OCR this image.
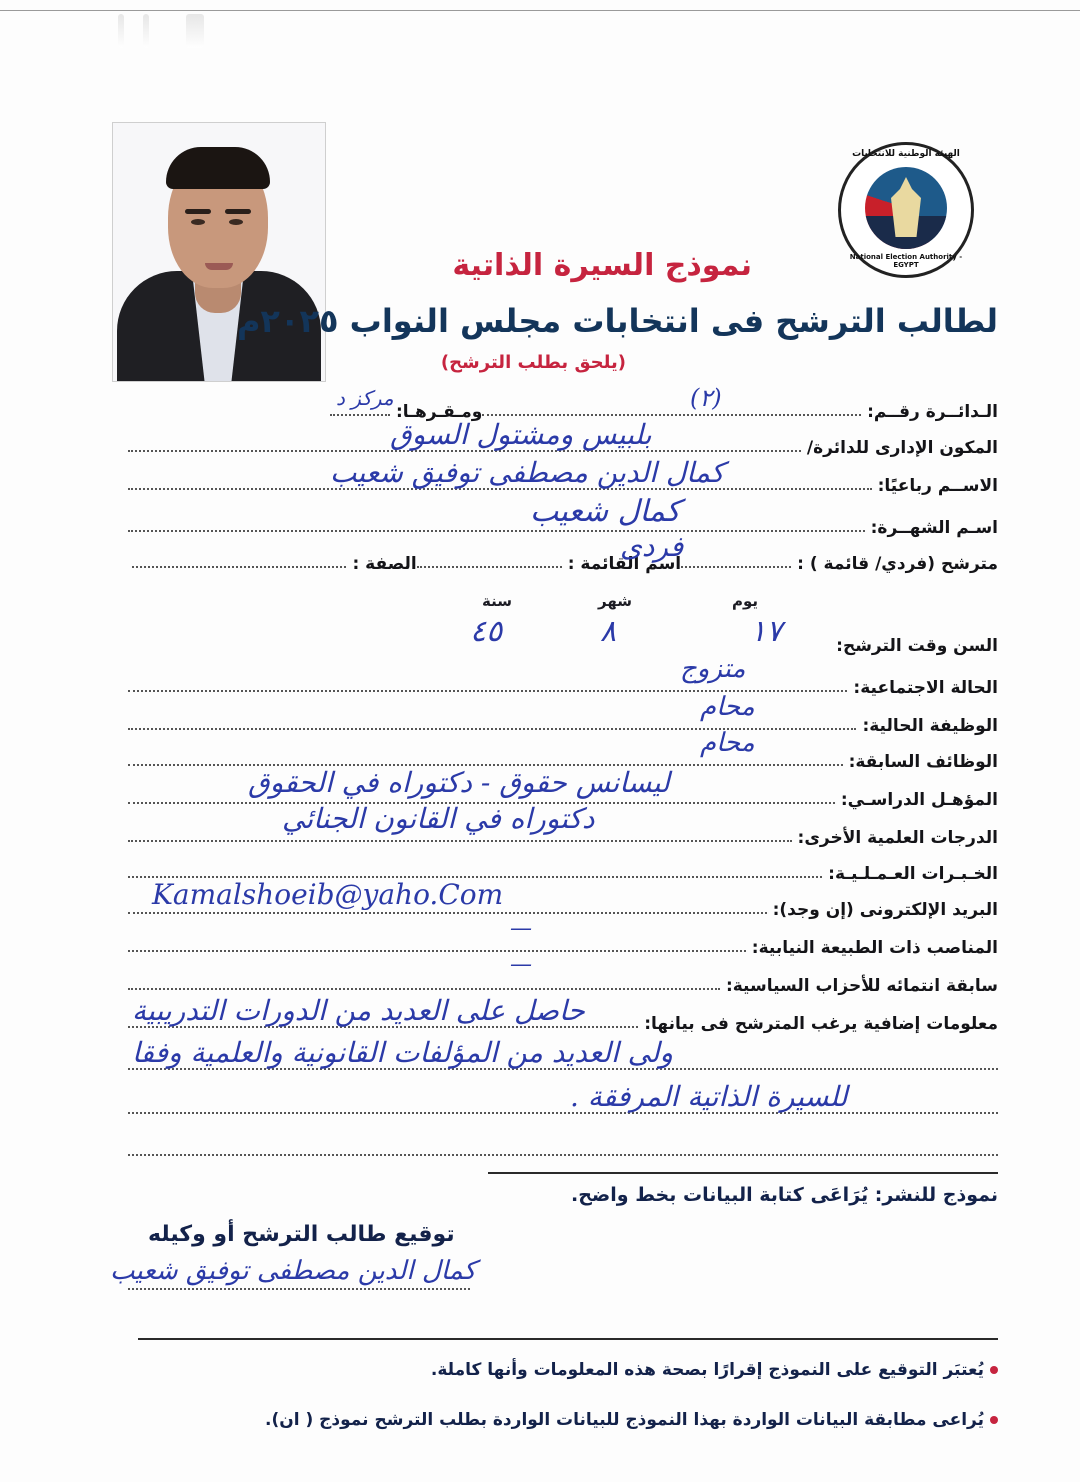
الهيئة الوطنية للانتخابات
National Election Authority - EGYPT
نموذج السيرة الذاتية
لطالب الترشح فى انتخابات مجلس النواب ٢٠٢٥م
(يلحق بطلب الترشح)
الـدائــرة رقــم:
ومـقـرهـا:	(٢)
مركز د
المكون الإدارى للدائرة/
بلبيس ومشتول السوق
الاســم رباعيًا:
كمال الدين مصطفى توفيق شعيب
اسـم الشهــرة:
كمال شعيب
مترشح (فردي/ قائمة ) :
اسم القائمة :
الصفة :
فردى
يوم
شهر
سنة
السن وقت الترشح:
١٧
٨
٤٥
الحالة الاجتماعية:
متزوج
الوظيفة الحالية:
محام
الوظائف السابقة:
محام
المؤهـل الدراسـي:
ليسانس حقوق - دكتوراه في الحقوق
الدرجات العلمية الأخرى:
دكتوراه في القانون الجنائي
الخـبـرات العـمـلـيـة:
البريد الإلكترونى (إن وجد):
Kamalshoeib@yaho.Com
المناصب ذات الطبيعة النيابية:
—
سابقة انتمائه للأحزاب السياسية:
—
معلومات إضافية يرغب المترشح فى بيانها:
حاصل على العديد من الدورات التدريبية
ولى العديد من المؤلفات القانونية والعلمية وفقا
للسيرة الذاتية المرفقة .
نموذج للنشر: يُرَاعَى كتابة البيانات بخط واضح.
توقيع طالب الترشح أو وكيله
كمال الدين مصطفى توفيق شعيب
يُعتبَر التوقيع على النموذج إقرارًا بصحة هذه المعلومات وأنها كاملة.
يُراعى مطابقة البيانات الواردة بهذا النموذج للبيانات الواردة بطلب الترشح نموذج ( ان).
